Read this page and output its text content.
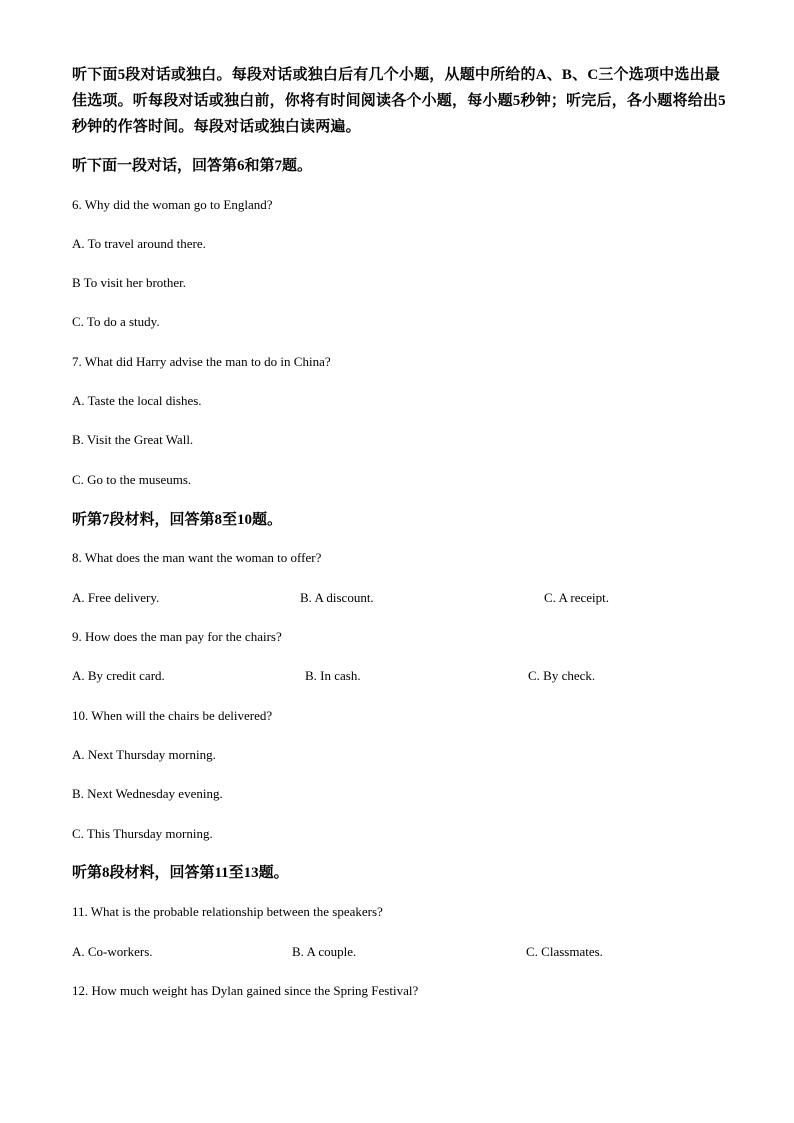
听下面5段对话或独白。每段对话或独白后有几个小题，从题中所给的A、B、C三个选项中选出最佳选项。听每段对话或独白前，你将有时间阅读各个小题，每小题5秒钟；听完后，各小题将给出5秒钟的作答时间。每段对话或独白读两遍。
听下面一段对话，回答第6和第7题。
6. Why did the woman go to England?
A. To travel around there.
B To visit her brother.
C. To do a study.
7. What did Harry advise the man to do in China?
A. Taste the local dishes.
B. Visit the Great Wall.
C. Go to the museums.
听第7段材料，回答第8至10题。
8. What does the man want the woman to offer?
A. Free delivery.	B. A discount.	C. A receipt.
9. How does the man pay for the chairs?
A. By credit card.	B. In cash.	C. By check.
10. When will the chairs be delivered?
A. Next Thursday morning.
B. Next Wednesday evening.
C. This Thursday morning.
听第8段材料，回答第11至13题。
11. What is the probable relationship between the speakers?
A. Co-workers.	B. A couple.	C. Classmates.
12. How much weight has Dylan gained since the Spring Festival?
